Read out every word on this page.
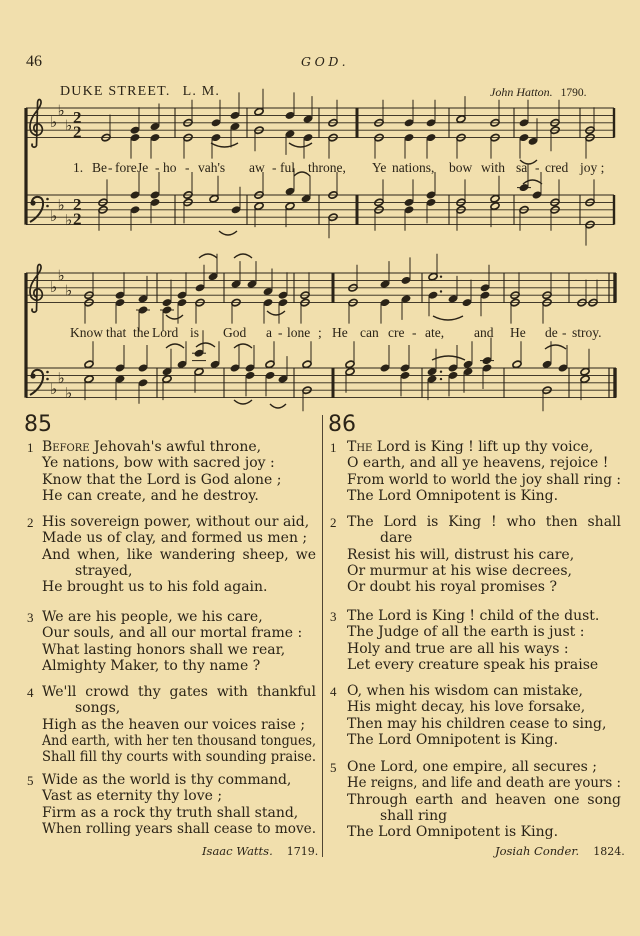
46	GOD.
DUKE STREET. L. M.	John Hatton. 1790.
♭
♭
♭ 2
2
♭
♭
♭
2
2
♭
♭
♭
♭
♭
♭
1. Be - fore Je - ho - vah's aw - ful throne, Ye nations, bow with sa - cred joy ;
Know that the Lord is God a - lone ; He can cre - ate, and He de - stroy.
85
1 Before Jehovah's awful throne,
Ye nations, bow with sacred joy :
Know that the Lord is God alone ;
He can create, and he destroy.
2 His sovereign power, without our aid,
Made us of clay, and formed us men ;
And when, like wandering sheep, we
strayed,
He brought us to his fold again.
3 We are his people, we his care,
Our souls, and all our mortal frame :
What lasting honors shall we rear,
Almighty Maker, to thy name ?
4 We'll crowd thy gates with thankful
songs,
High as the heaven our voices raise ;
And earth, with her ten thousand tongues,
Shall fill thy courts with sounding praise.
5 Wide as the world is thy command,
Vast as eternity thy love ;
Firm as a rock thy truth shall stand,
When rolling years shall cease to move.
Isaac Watts. 1719.
86
1 The Lord is King ! lift up thy voice,
O earth, and all ye heavens, rejoice !
From world to world the joy shall ring :
The Lord Omnipotent is King.
2 The Lord is King ! who then shall
dare
Resist his will, distrust his care,
Or murmur at his wise decrees,
Or doubt his royal promises ?
3 The Lord is King ! child of the dust.
The Judge of all the earth is just :
Holy and true are all his ways :
Let every creature speak his praise
4 O, when his wisdom can mistake,
His might decay, his love forsake,
Then may his children cease to sing,
The Lord Omnipotent is King.
5 One Lord, one empire, all secures ;
He reigns, and life and death are yours :
Through earth and heaven one song
shall ring
The Lord Omnipotent is King.
Josiah Conder. 1824.
